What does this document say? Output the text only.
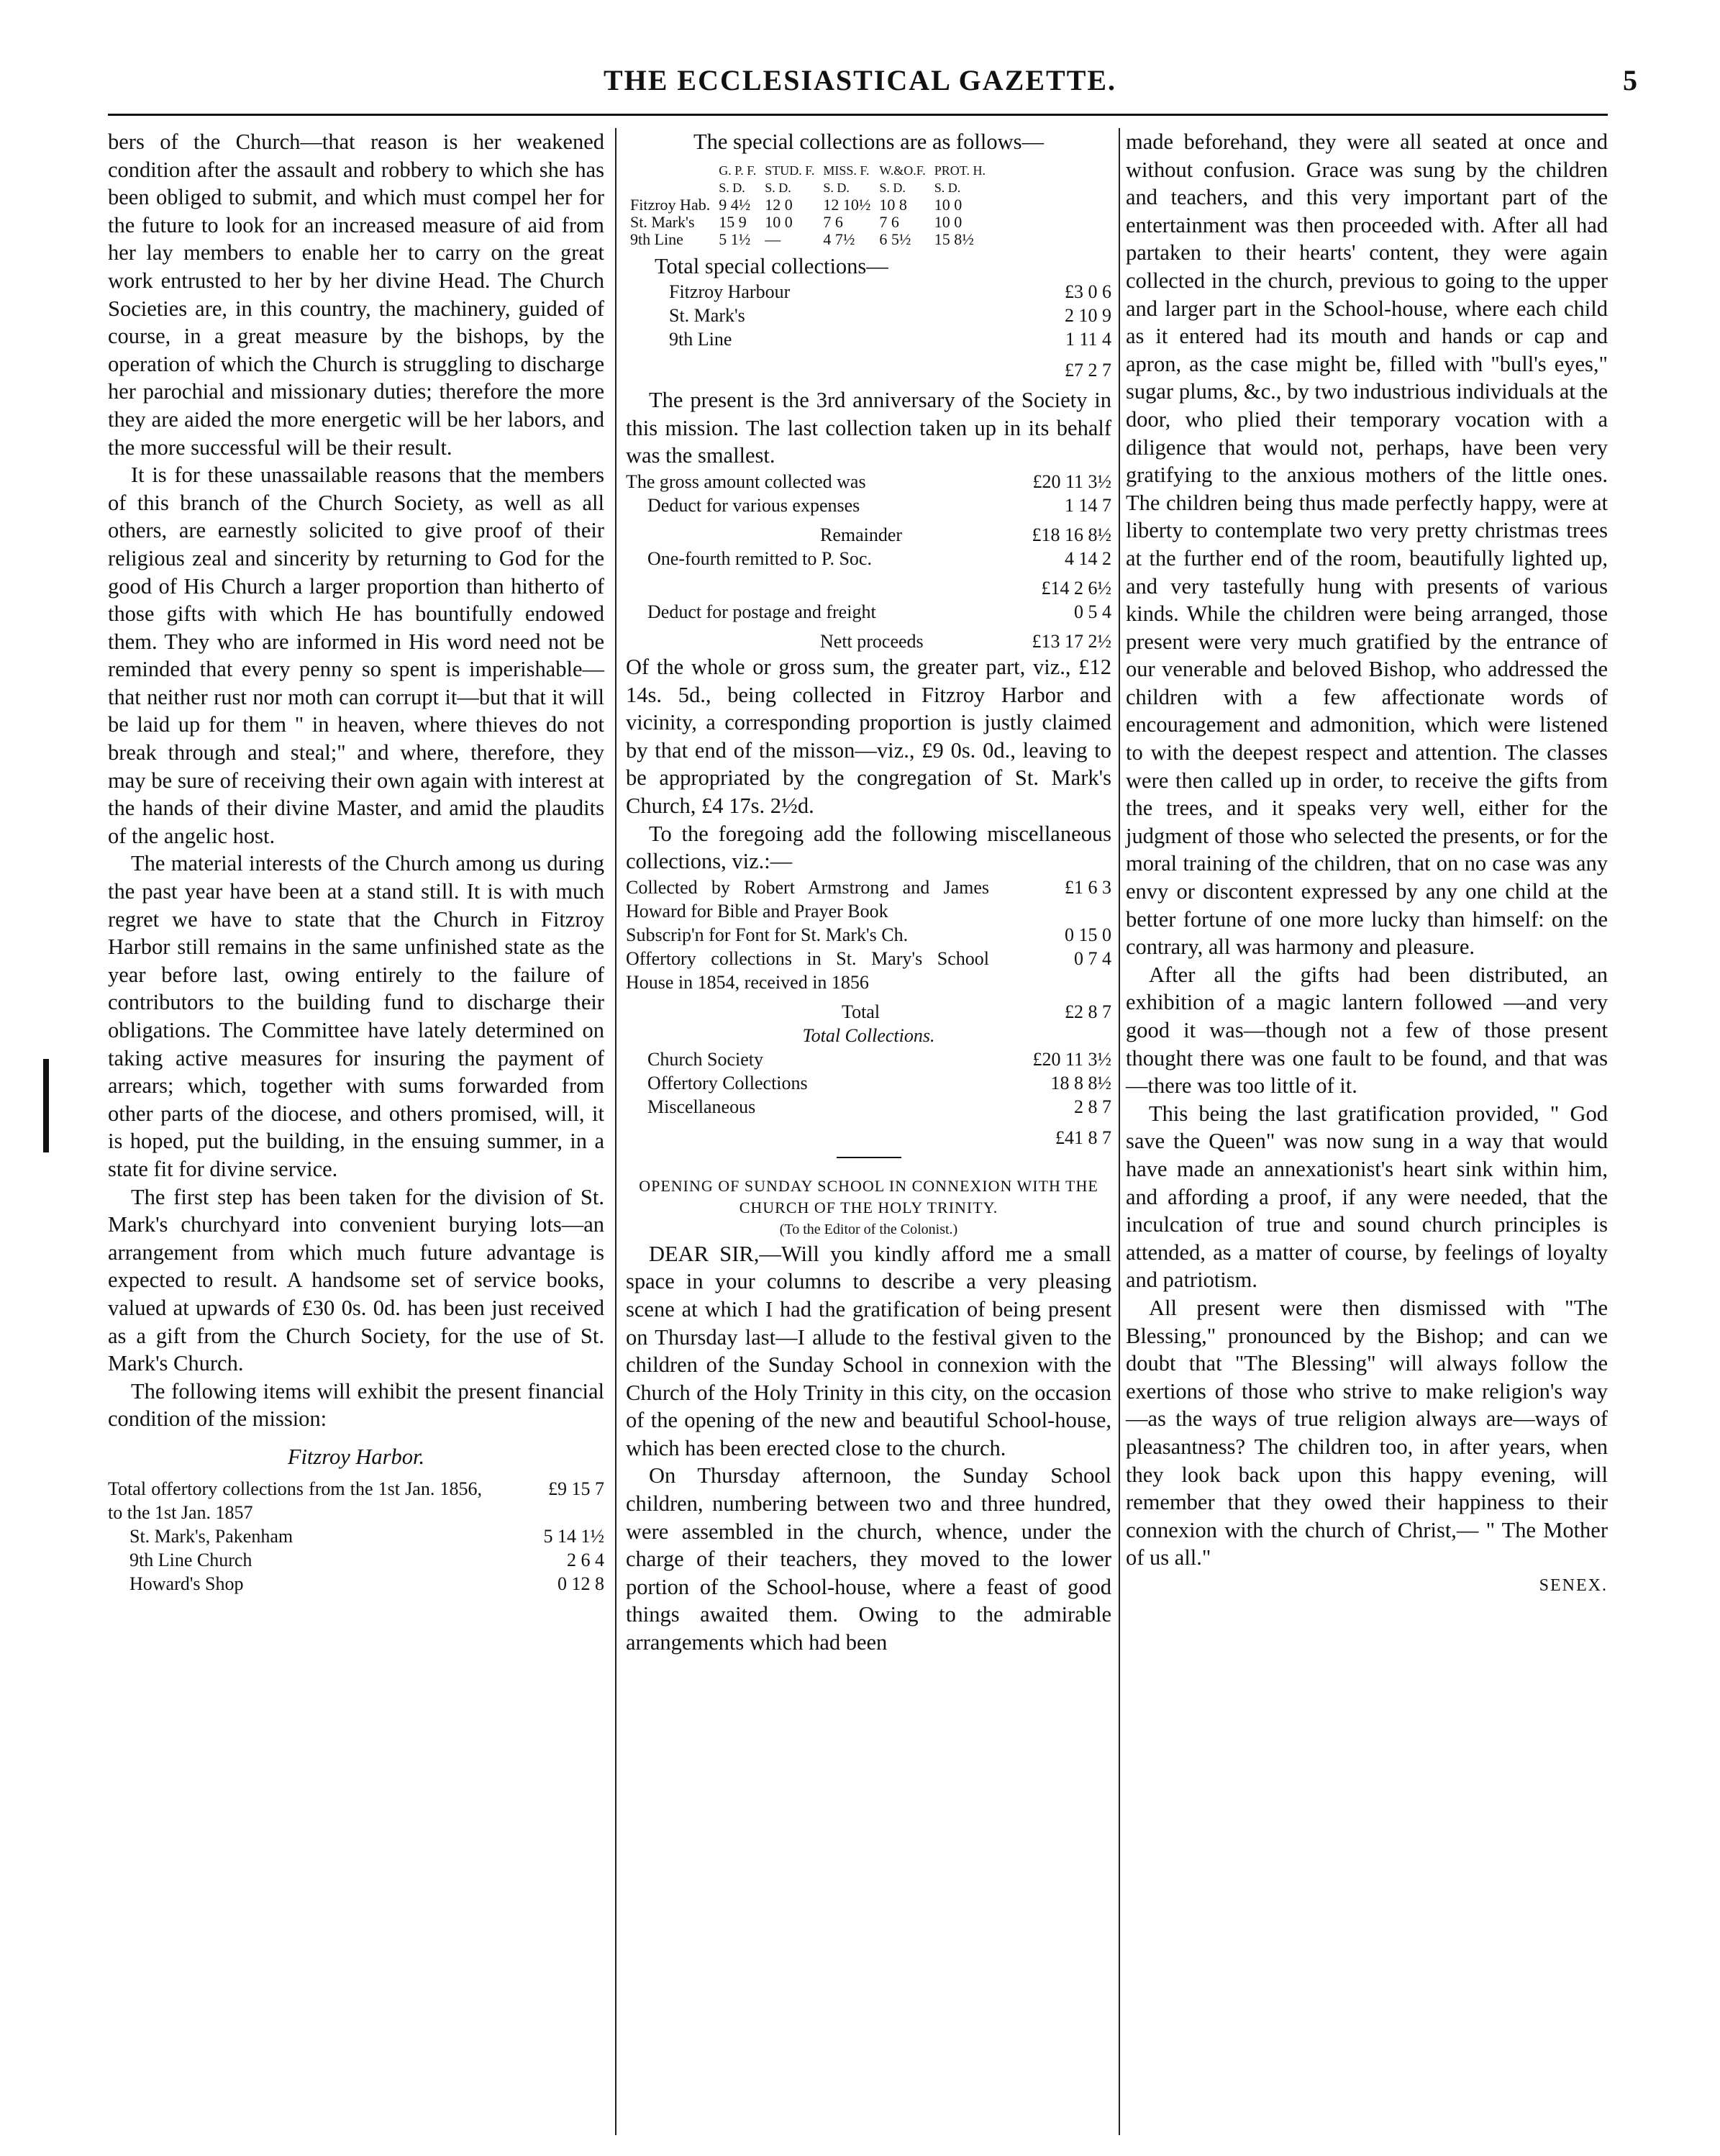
THE ECCLESIASTICAL GAZETTE.	5

bers of the Church—that reason is her weakened condition after the assault and robbery to which she has been obliged to submit, and which must compel her for the future to look for an increased measure of aid from her lay members to enable her to carry on the great work entrusted to her by her divine Head. The Church Societies are, in this country, the machinery, guided of course, in a great measure by the bishops, by the operation of which the Church is struggling to discharge her parochial and missionary duties; therefore the more they are aided the more energetic will be her labors, and the more successful will be their result.

It is for these unassailable reasons that the members of this branch of the Church Society, as well as all others, are earnestly solicited to give proof of their religious zeal and sincerity by returning to God for the good of His Church a larger proportion than hitherto of those gifts with which He has bountifully endowed them. They who are informed in His word need not be reminded that every penny so spent is imperishable—that neither rust nor moth can corrupt it—but that it will be laid up for them " in heaven, where thieves do not break through and steal;" and where, therefore, they may be sure of receiving their own again with interest at the hands of their divine Master, and amid the plaudits of the angelic host.

The material interests of the Church among us during the past year have been at a stand still. It is with much regret we have to state that the Church in Fitzroy Harbor still remains in the same unfinished state as the year before last, owing entirely to the failure of contributors to the building fund to discharge their obligations. The Committee have lately determined on taking active measures for insuring the payment of arrears; which, together with sums forwarded from other parts of the diocese, and others promised, will, it is hoped, put the building, in the ensuing summer, in a state fit for divine service.

The first step has been taken for the division of St. Mark's churchyard into convenient burying lots—an arrangement from which much future advantage is expected to result. A handsome set of service books, valued at upwards of £30 0s. 0d. has been just received as a gift from the Church Society, for the use of St. Mark's Church.

The following items will exhibit the present financial condition of the mission:

Fitzroy Harbor.

Total offertory collections from the 1st Jan. 1856, to the 1st Jan. 1857
£9 15 7
St. Mark's, Pakenham	5 14 1½
9th Line Church	2 6 4
Howard's Shop	0 12 8

The special collections are as follows—

	G. P. F.	STUD. F.	MISS. F.	W.&O.F.	PROT. H.
	S. D.	S. D.	S. D.	S. D.	S. D.
Fitzroy Hab.	9 4½	12 0	12 10½	10 8	10 0
St. Mark's	15 9	10 0	7 6	7 6	10 0
9th Line	5 1½	—	4 7½	6 5½	15 8½

Total special collections—

Fitzroy Harbour	£3 0 6
St. Mark's	2 10 9
9th Line	1 11 4
£7 2 7

The present is the 3rd anniversary of the Society in this mission. The last collection taken up in its behalf was the smallest.

The gross amount collected was	£20 11 3½
Deduct for various expenses	1 14 7
Remainder	£18 16 8½
One-fourth remitted to P. Soc.	4 14 2
£14 2 6½
Deduct for postage and freight	0 5 4
Nett proceeds	£13 17 2½

Of the whole or gross sum, the greater part, viz., £12 14s. 5d., being collected in Fitzroy Harbor and vicinity, a corresponding proportion is justly claimed by that end of the misson—viz., £9 0s. 0d., leaving to be appropriated by the congregation of St. Mark's Church, £4 17s. 2½d.

To the foregoing add the following miscellaneous collections, viz.:—

Collected by Robert Armstrong and James Howard for Bible and Prayer Book
£1 6 3
Subscrip'n for Font for St. Mark's Ch.	0 15 0
Offertory collections in St. Mary's School House in 1854, received in 1856
0 7 4
Total	£2 8 7

Total Collections.

Church Society	£20 11 3½
Offertory Collections	18 8 8½
Miscellaneous	2 8 7
£41 8 7

OPENING OF SUNDAY SCHOOL IN CONNEXION WITH THE CHURCH OF THE HOLY TRINITY.

(To the Editor of the Colonist.)

DEAR SIR,—Will you kindly afford me a small space in your columns to describe a very pleasing scene at which I had the gratification of being present on Thursday last—I allude to the festival given to the children of the Sunday School in connexion with the Church of the Holy Trinity in this city, on the occasion of the opening of the new and beautiful School-house, which has been erected close to the church.

On Thursday afternoon, the Sunday School children, numbering between two and three hundred, were assembled in the church, whence, under the charge of their teachers, they moved to the lower portion of the School-house, where a feast of good things awaited them. Owing to the admirable arrangements which had been

made beforehand, they were all seated at once and without confusion. Grace was sung by the children and teachers, and this very important part of the entertainment was then proceeded with. After all had partaken to their hearts' content, they were again collected in the church, previous to going to the upper and larger part in the School-house, where each child as it entered had its mouth and hands or cap and apron, as the case might be, filled with "bull's eyes," sugar plums, &c., by two industrious individuals at the door, who plied their temporary vocation with a diligence that would not, perhaps, have been very gratifying to the anxious mothers of the little ones. The children being thus made perfectly happy, were at liberty to contemplate two very pretty christmas trees at the further end of the room, beautifully lighted up, and very tastefully hung with presents of various kinds. While the children were being arranged, those present were very much gratified by the entrance of our venerable and beloved Bishop, who addressed the children with a few affectionate words of encouragement and admonition, which were listened to with the deepest respect and attention. The classes were then called up in order, to receive the gifts from the trees, and it speaks very well, either for the judgment of those who selected the presents, or for the moral training of the children, that on no case was any envy or discontent expressed by any one child at the better fortune of one more lucky than himself: on the contrary, all was harmony and pleasure.

After all the gifts had been distributed, an exhibition of a magic lantern followed —and very good it was—though not a few of those present thought there was one fault to be found, and that was—there was too little of it.

This being the last gratification provided, " God save the Queen" was now sung in a way that would have made an annexationist's heart sink within him, and affording a proof, if any were needed, that the inculcation of true and sound church principles is attended, as a matter of course, by feelings of loyalty and patriotism.

All present were then dismissed with "The Blessing," pronounced by the Bishop; and can we doubt that "The Blessing" will always follow the exertions of those who strive to make religion's way —as the ways of true religion always are—ways of pleasantness? The children too, in after years, when they look back upon this happy evening, will remember that they owed their happiness to their connexion with the church of Christ,— " The Mother of us all."

SENEX.
